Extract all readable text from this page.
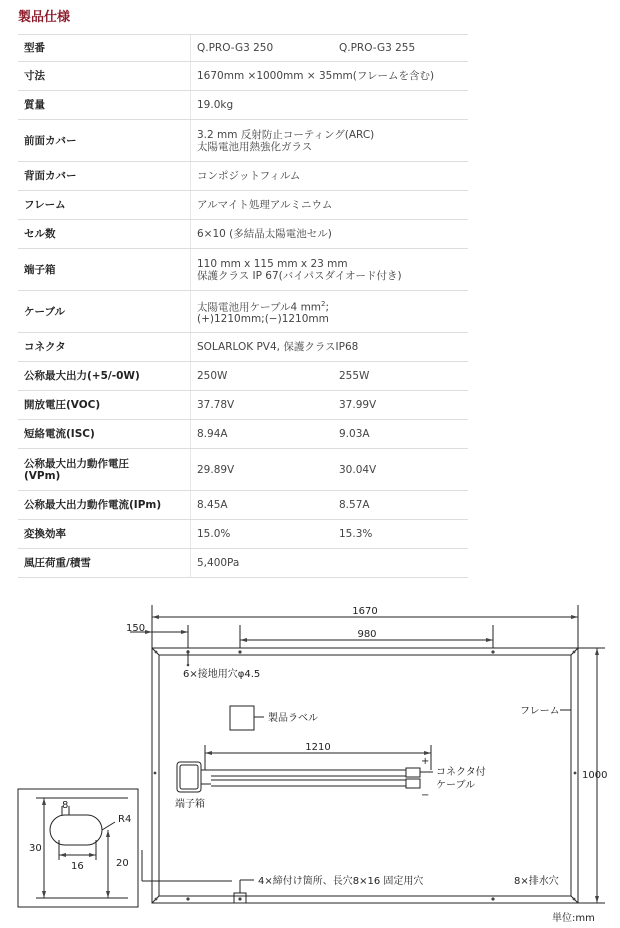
製品仕様
型番	Q.PRO-G3 250	Q.PRO-G3 255
寸法	1670mm ×1000mm × 35mm(フレームを含む)	
質量	19.0kg	
前面カバー	3.2 mm 反射防止コーティング(ARC)
太陽電池用熱強化ガラス	

背面カバー	コンポジットフィルム	
フレーム	アルマイト処理アルミニウム	
セル数	6×10 (多結晶太陽電池セル)	
端子箱	110 mm x 115 mm x 23 mm
保護クラス IP 67(バイパスダイオード付き)	

ケーブル	太陽電池用ケーブル4 $mm^2$;
(+)1210mm;(−)1210mm	

コネクタ	SOLARLOK PV4, 保護クラスIP68	
公称最大出力(+5/-0W)	250W	255W
開放電圧(VOC)	37.78V	37.99V
短絡電流(ISC)	8.94A	9.03A

公称最大出力動作電圧
(VPm)	29.89V	30.04V
公称最大出力動作電流(IPm)	8.45A	8.57A
変換効率	15.0%	15.3%
風圧荷重/積雪	5,400Pa	
1670
150
980
6×接地用穴φ4.5
製品ラベル
フレーム
1210
+
−
コネクタ付
ケーブル
1000
端子箱
4×締付け箇所、長穴8×16 固定用穴	8×排水穴
単位:mm
8
R4
30
16	20
